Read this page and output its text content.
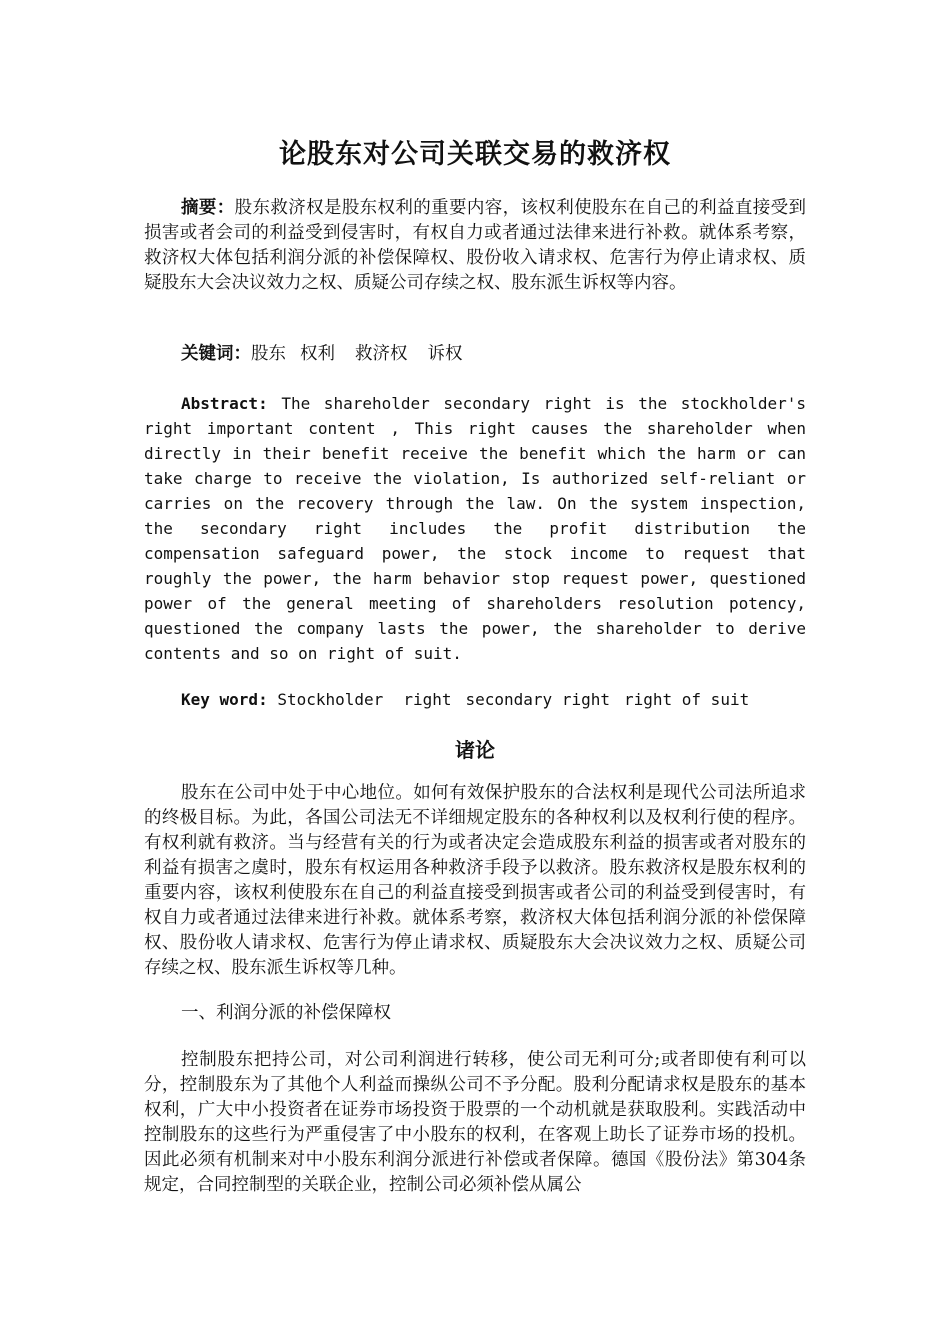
论股东对公司关联交易的救济权
摘要：股东救济权是股东权利的重要内容，该权利使股东在自己的利益直接受到损害或者会司的利益受到侵害时，有权自力或者通过法律来进行补救。就体系考察，救济权大体包括利润分派的补偿保障权、股份收入请求权、危害行为停止请求权、质疑股东大会决议效力之权、质疑公司存续之权、股东派生诉权等内容。
关键词：股东 权利 救济权 诉权
Abstract: The shareholder secondary right is the stockholder's right important content , This right causes the shareholder when directly in their benefit receive the benefit which the harm or can take charge to receive the violation, Is authorized self-reliant or carries on the recovery through the law. On the system inspection, the secondary right includes the profit distribution the compensation safeguard power, the stock income to request that roughly the power, the harm behavior stop request power, questioned power of the general meeting of shareholders resolution potency, questioned the company lasts the power, the shareholder to derive contents and so on right of suit.
Key word: Stockholder right secondary right right of suit
诸论
股东在公司中处于中心地位。如何有效保护股东的合法权利是现代公司法所追求的终极目标。为此，各国公司法无不详细规定股东的各种权利以及权利行使的程序。有权利就有救济。当与经营有关的行为或者决定会造成股东利益的损害或者对股东的利益有损害之虞时，股东有权运用各种救济手段予以救济。股东救济权是股东权利的重要内容，该权利使股东在自己的利益直接受到损害或者公司的利益受到侵害时，有权自力或者通过法律来进行补救。就体系考察，救济权大体包括利润分派的补偿保障权、股份收人请求权、危害行为停止请求权、质疑股东大会决议效力之权、质疑公司存续之权、股东派生诉权等几种。
一、利润分派的补偿保障权
控制股东把持公司，对公司利润进行转移，使公司无利可分;或者即使有利可以分，控制股东为了其他个人利益而操纵公司不予分配。股利分配请求权是股东的基本权利，广大中小投资者在证券市场投资于股票的一个动机就是获取股利。实践活动中控制股东的这些行为严重侵害了中小股东的权利，在客观上助长了证券市场的投机。因此必须有机制来对中小股东利润分派进行补偿或者保障。德国《股份法》第304条规定，合同控制型的关联企业，控制公司必须补偿从属公
